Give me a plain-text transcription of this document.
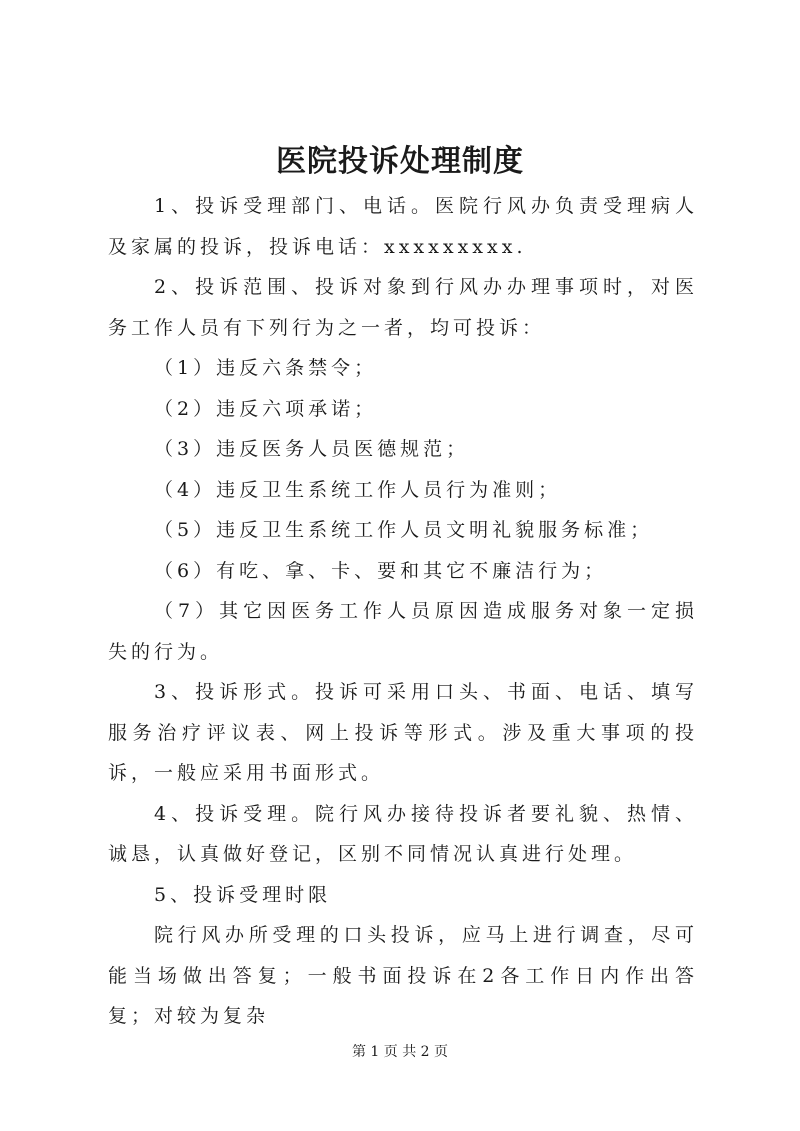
医院投诉处理制度

1、投诉受理部门、电话。医院行风办负责受理病人及家属的投诉，投诉电话：xxxxxxxxx.

2、投诉范围、投诉对象到行风办办理事项时，对医务工作人员有下列行为之一者，均可投诉：

（1）违反六条禁令；

（2）违反六项承诺；

（3）违反医务人员医德规范；

（4）违反卫生系统工作人员行为准则；

（5）违反卫生系统工作人员文明礼貌服务标准；

（6）有吃、拿、卡、要和其它不廉洁行为；

（7）其它因医务工作人员原因造成服务对象一定损失的行为。

3、投诉形式。投诉可采用口头、书面、电话、填写服务治疗评议表、网上投诉等形式。涉及重大事项的投诉，一般应采用书面形式。

4、投诉受理。院行风办接待投诉者要礼貌、热情、诚恳，认真做好登记，区别不同情况认真进行处理。

5、投诉受理时限

院行风办所受理的口头投诉，应马上进行调查，尽可能当场做出答复；一般书面投诉在2各工作日内作出答复；对较为复杂

第 1 页 共 2 页
